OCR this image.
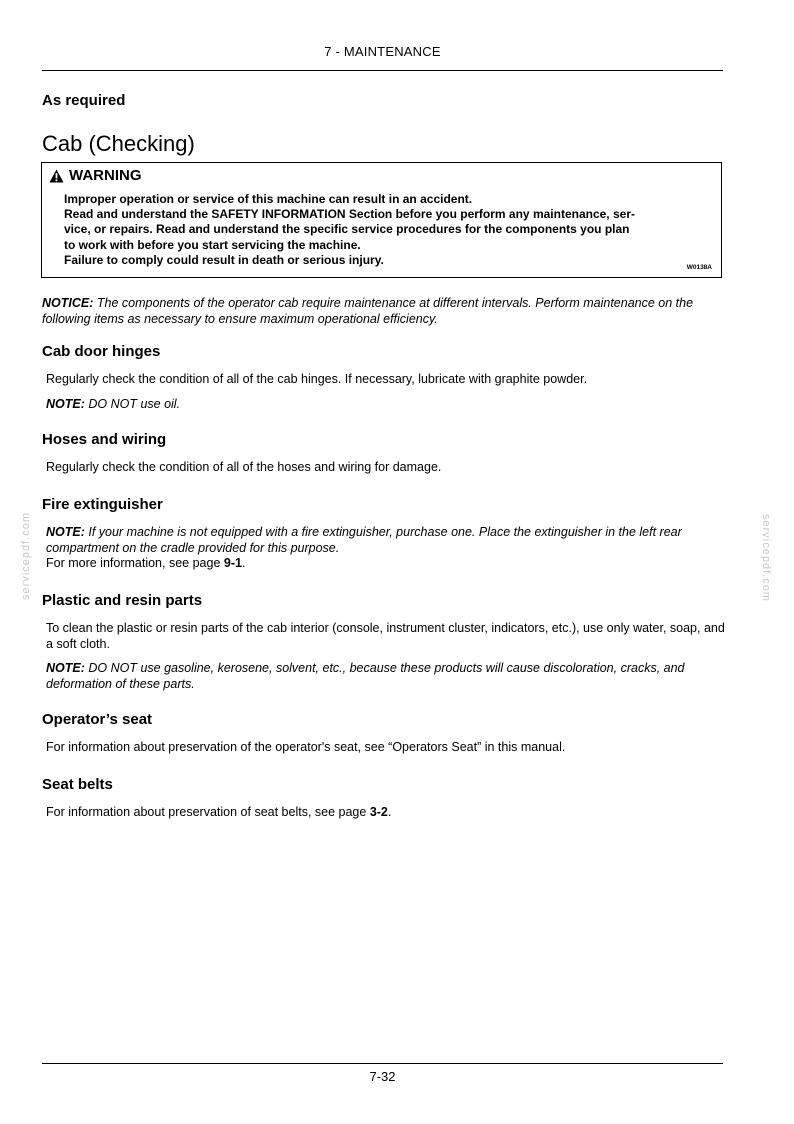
7 - MAINTENANCE
As required
Cab (Checking)
WARNING
Improper operation or service of this machine can result in an accident.
Read and understand the SAFETY INFORMATION Section before you perform any maintenance, ser-
vice, or repairs. Read and understand the specific service procedures for the components you plan
to work with before you start servicing the machine.
Failure to comply could result in death or serious injury.
W0138A
NOTICE: The components of the operator cab require maintenance at different intervals. Perform maintenance on the following items as necessary to ensure maximum operational efficiency.
Cab door hinges
Regularly check the condition of all of the cab hinges. If necessary, lubricate with graphite powder.
NOTE: DO NOT use oil.
Hoses and wiring
Regularly check the condition of all of the hoses and wiring for damage.
Fire extinguisher
NOTE: If your machine is not equipped with a fire extinguisher, purchase one. Place the extinguisher in the left rear compartment on the cradle provided for this purpose.
For more information, see page 9-1.
Plastic and resin parts
To clean the plastic or resin parts of the cab interior (console, instrument cluster, indicators, etc.), use only water, soap, and a soft cloth.
NOTE: DO NOT use gasoline, kerosene, solvent, etc., because these products will cause discoloration, cracks, and deformation of these parts.
Operator’s seat
For information about preservation of the operator's seat, see “Operators Seat” in this manual.
Seat belts
For information about preservation of seat belts, see page 3-2.
servicepdf.com	servicepdf.com
7-32
